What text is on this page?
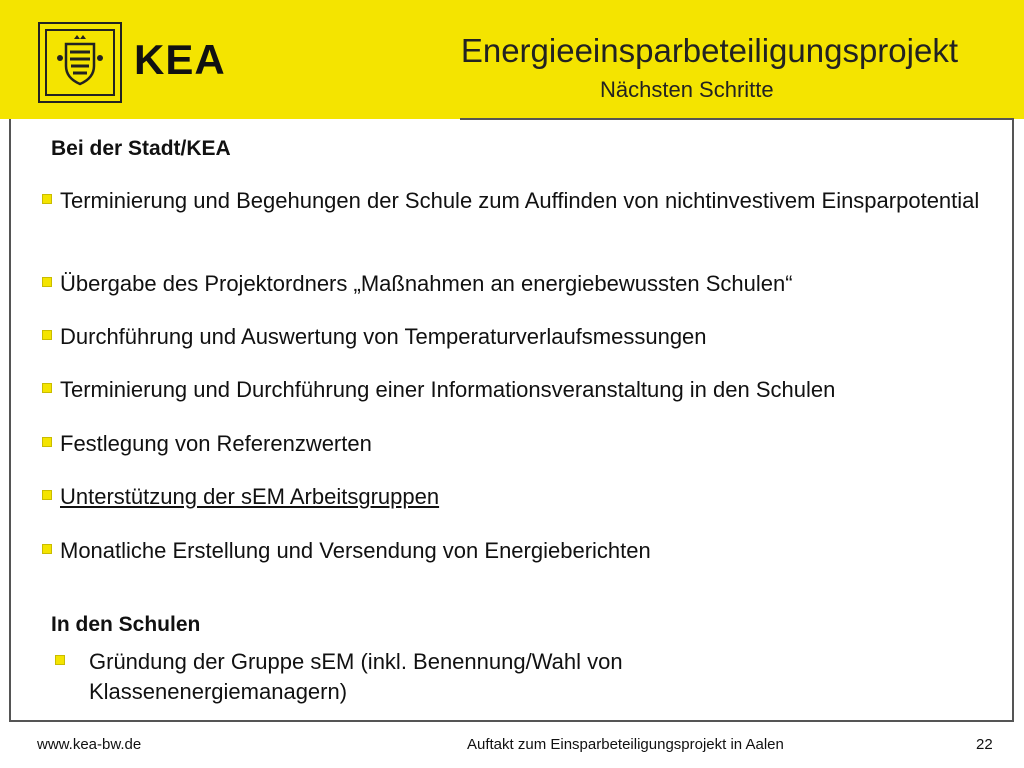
KEA	Energieeinsparbeteiligungsprojekt
Nächsten Schritte
Bei der Stadt/KEA
Terminierung und Begehungen der Schule zum Auffinden von nichtinvestivem Einsparpotential
Übergabe des Projektordners „Maßnahmen an energiebewussten Schulen“
Durchführung und Auswertung von Temperaturverlaufsmessungen
Terminierung und Durchführung einer Informationsveranstaltung in den Schulen
Festlegung von Referenzwerten
Unterstützung der sEM Arbeitsgruppen
Monatliche Erstellung und Versendung von Energieberichten
In den Schulen
Gründung der Gruppe sEM (inkl. Benennung/Wahl von Klassenenergiemanagern)
www.kea-bw.de	Auftakt zum Einsparbeteiligungsprojekt in Aalen	22
